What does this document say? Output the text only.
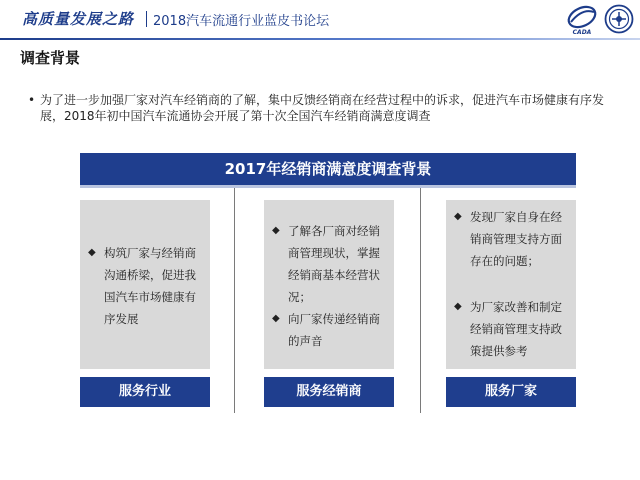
高质量发展之路 2018汽车流通行业蓝皮书论坛
CADA
调查背景
• 为了进一步加强厂家对汽车经销商的了解，集中反馈经销商在经营过程中的诉求，促进汽车市场健康有序发展，2018年初中国汽车流通协会开展了第十次全国汽车经销商满意度调查
2017年经销商满意度调查背景
◆ 构筑厂家与经销商沟通桥梁，促进我国汽车市场健康有序发展
服务行业
◆ 了解各厂商对经销商管理现状，掌握经销商基本经营状况；
◆ 向厂家传递经销商的声音
服务经销商
◆ 发现厂家自身在经销商管理支持方面存在的问题；
◆ 为厂家改善和制定经销商管理支持政策提供参考
服务厂家
